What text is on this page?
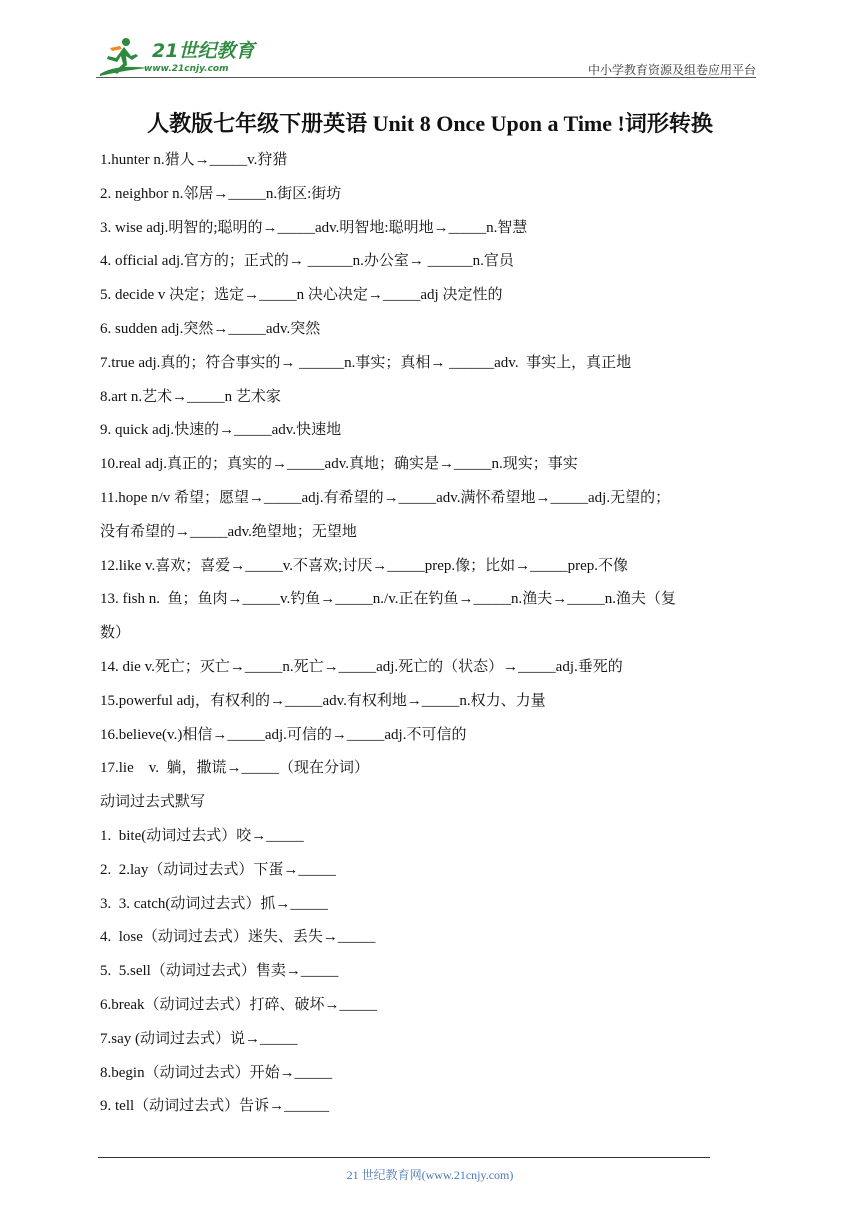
21世纪教育
www.21cnjy.com	中小学教育资源及组卷应用平台
人教版七年级下册英语 Unit 8 Once Upon a Time !词形转换
1.hunter n.猎人→_____v.狩猎
2. neighbor n.邻居→_____n.街区:街坊
3. wise adj.明智的;聪明的→_____adv.明智地:聪明地→_____n.智慧
4. official adj.官方的；正式的→ ______n.办公室→ ______n.官员
5. decide v 决定；选定→_____n 决心决定→_____adj 决定性的
6. sudden adj.突然→_____adv.突然
7.true adj.真的；符合事实的→ ______n.事实；真相→ ______adv.  事实上，真正地
8.art n.艺术→_____n 艺术家
9. quick adj.快速的→_____adv.快速地
10.real adj.真正的；真实的→_____adv.真地；确实是→_____n.现实；事实
11.hope n/v 希望；愿望→_____adj.有希望的→_____adv.满怀希望地→_____adj.无望的；
没有希望的→_____adv.绝望地；无望地
12.like v.喜欢；喜爱→_____v.不喜欢;讨厌→_____prep.像；比如→_____prep.不像
13. fish n.  鱼；鱼肉→_____v.钓鱼→_____n./v.正在钓鱼→_____n.渔夫→_____n.渔夫（复
数）
14. die v.死亡；灭亡→_____n.死亡→_____adj.死亡的（状态）→_____adj.垂死的
15.powerful adj，有权利的→_____adv.有权利地→_____n.权力、力量
16.believe(v.)相信→_____adj.可信的→_____adj.不可信的
17.lie    v.  躺，撒谎→_____（现在分词）
动词过去式默写
1.  bite(动词过去式）咬→_____
2.  2.lay（动词过去式）下蛋→_____
3.  3. catch(动词过去式）抓→_____
4.  lose（动词过去式）迷失、丢失→_____
5.  5.sell（动词过去式）售卖→_____
6.break（动词过去式）打碎、破坏→_____
7.say (动词过去式）说→_____
8.begin（动词过去式）开始→_____
9. tell（动词过去式）告诉→______
21 世纪教育网(www.21cnjy.com)
